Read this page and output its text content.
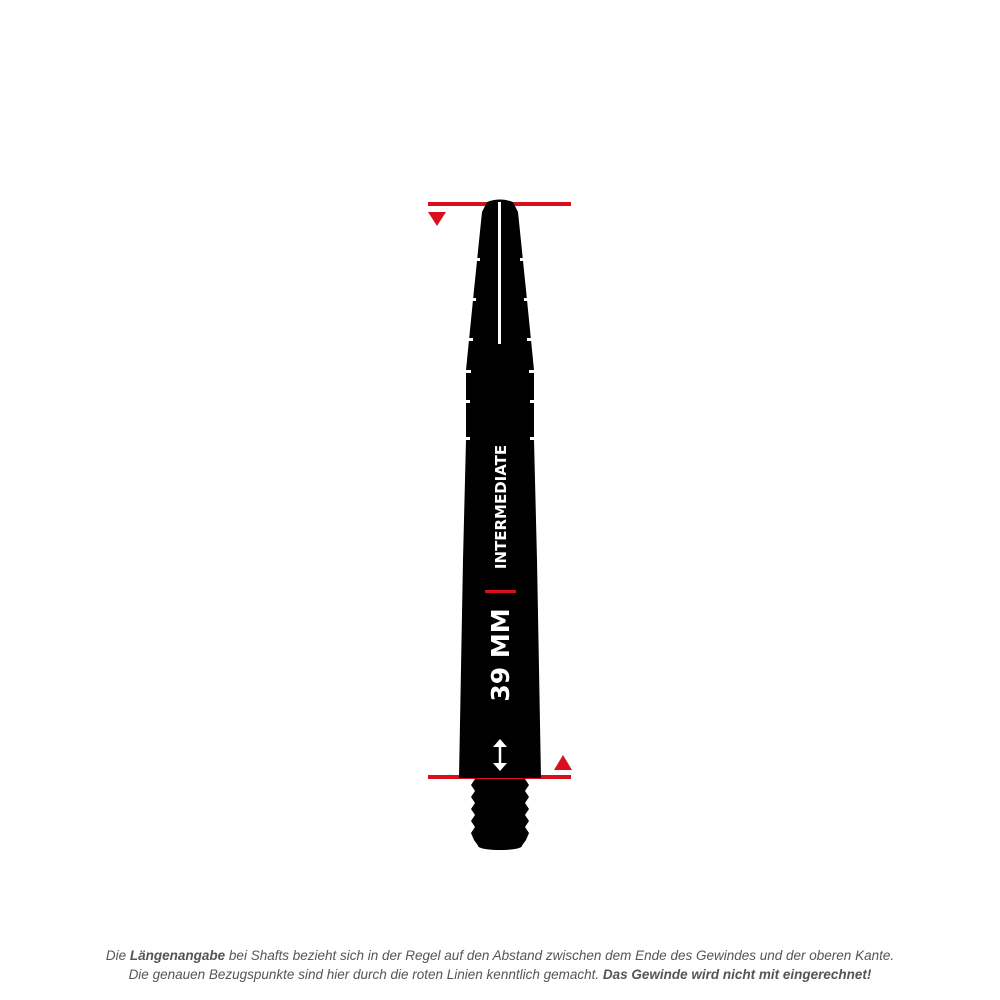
INTERMEDIATE
39 MM
Die Längenangabe bei Shafts bezieht sich in der Regel auf den Abstand zwischen dem Ende des Gewindes und der oberen Kante.
Die genauen Bezugspunkte sind hier durch die roten Linien kenntlich gemacht. Das Gewinde wird nicht mit eingerechnet!
